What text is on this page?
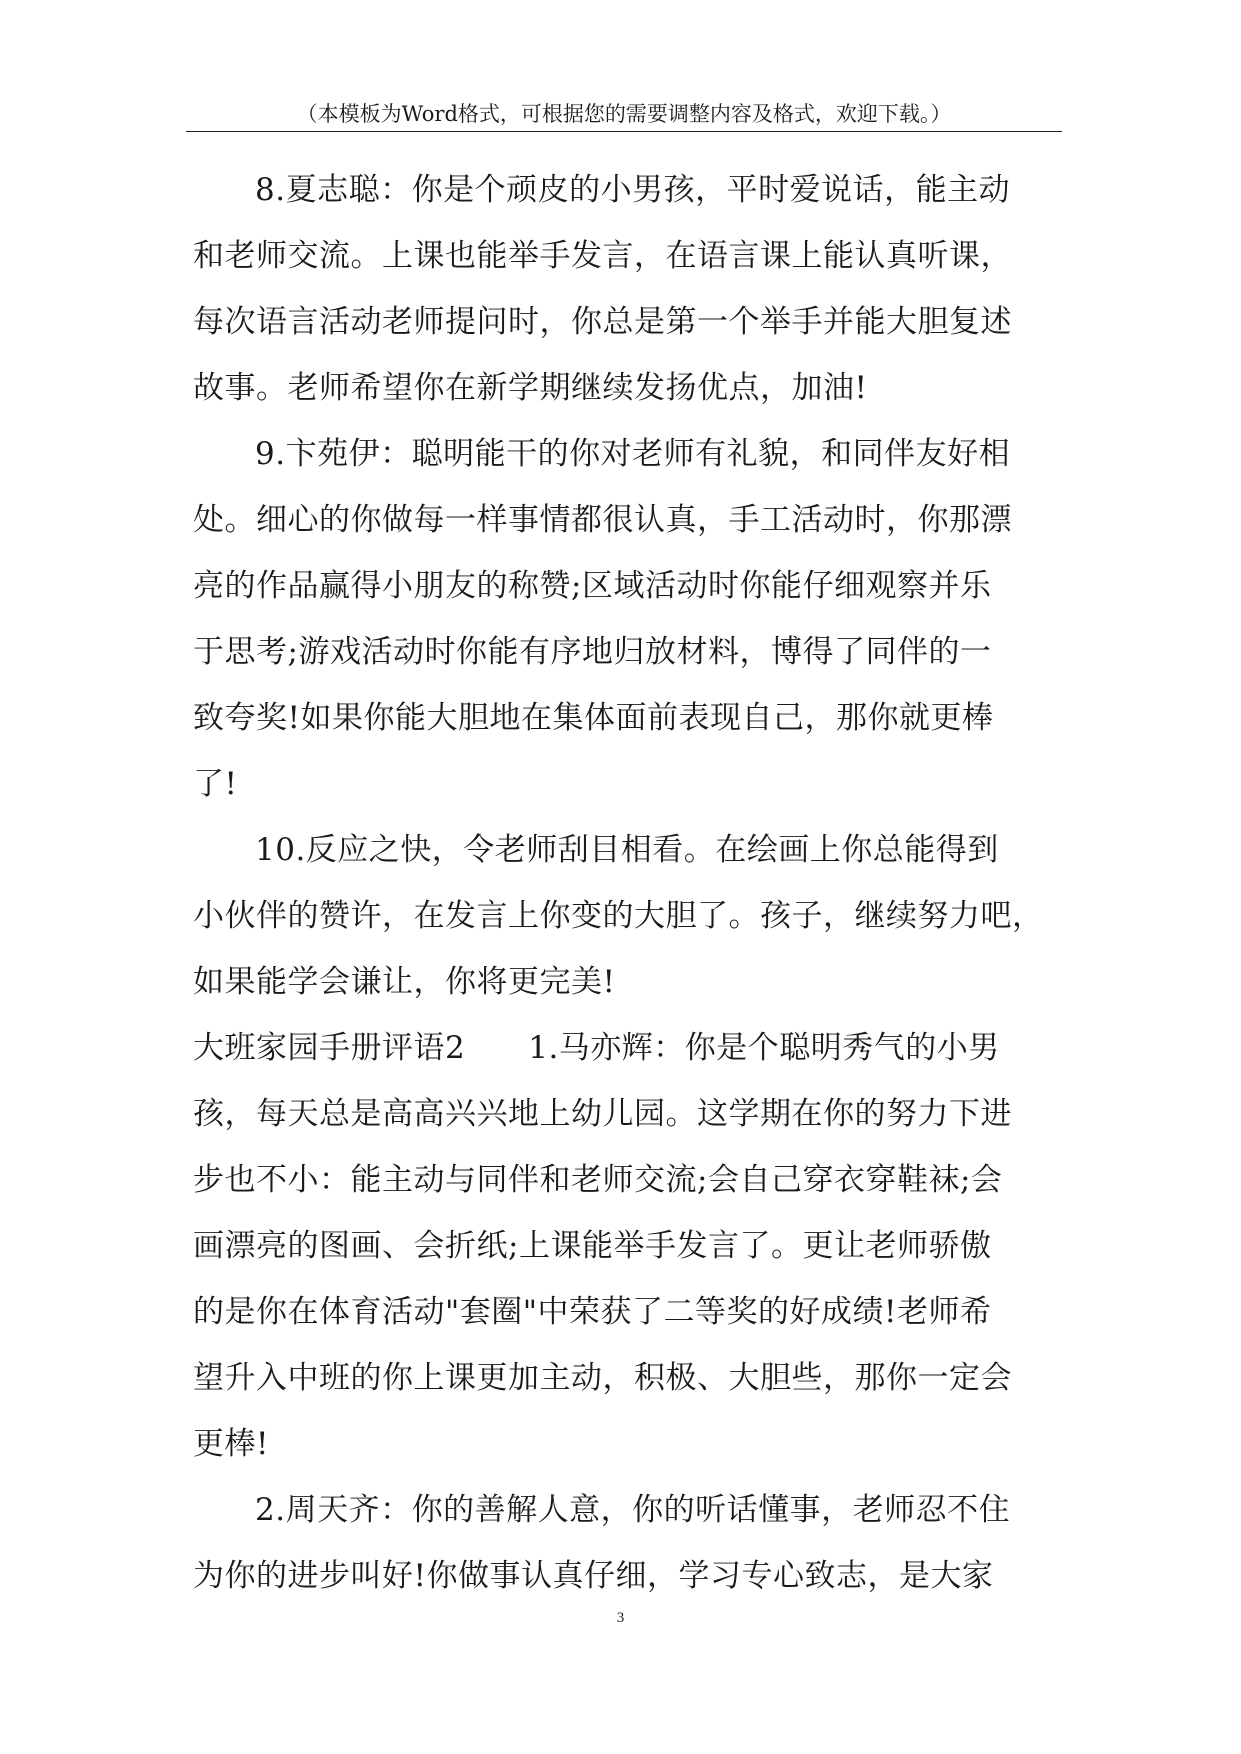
（本模板为Word格式，可根据您的需要调整内容及格式，欢迎下载。）
8.夏志聪：你是个顽皮的小男孩，平时爱说话，能主动
和老师交流。上课也能举手发言，在语言课上能认真听课，
每次语言活动老师提问时，你总是第一个举手并能大胆复述
故事。老师希望你在新学期继续发扬优点，加油!
9.卞苑伊：聪明能干的你对老师有礼貌，和同伴友好相
处。细心的你做每一样事情都很认真，手工活动时，你那漂
亮的作品赢得小朋友的称赞;区域活动时你能仔细观察并乐
于思考;游戏活动时你能有序地归放材料，博得了同伴的一
致夸奖!如果你能大胆地在集体面前表现自己，那你就更棒
了!
10.反应之快，令老师刮目相看。在绘画上你总能得到
小伙伴的赞许，在发言上你变的大胆了。孩子，继续努力吧，
如果能学会谦让，你将更完美!
大班家园手册评语2　　1.马亦辉：你是个聪明秀气的小男
孩，每天总是高高兴兴地上幼儿园。这学期在你的努力下进
步也不小：能主动与同伴和老师交流;会自己穿衣穿鞋袜;会
画漂亮的图画、会折纸;上课能举手发言了。更让老师骄傲
的是你在体育活动"套圈"中荣获了二等奖的好成绩!老师希
望升入中班的你上课更加主动，积极、大胆些，那你一定会
更棒!
2.周天齐：你的善解人意，你的听话懂事，老师忍不住
为你的进步叫好!你做事认真仔细，学习专心致志，是大家
3
